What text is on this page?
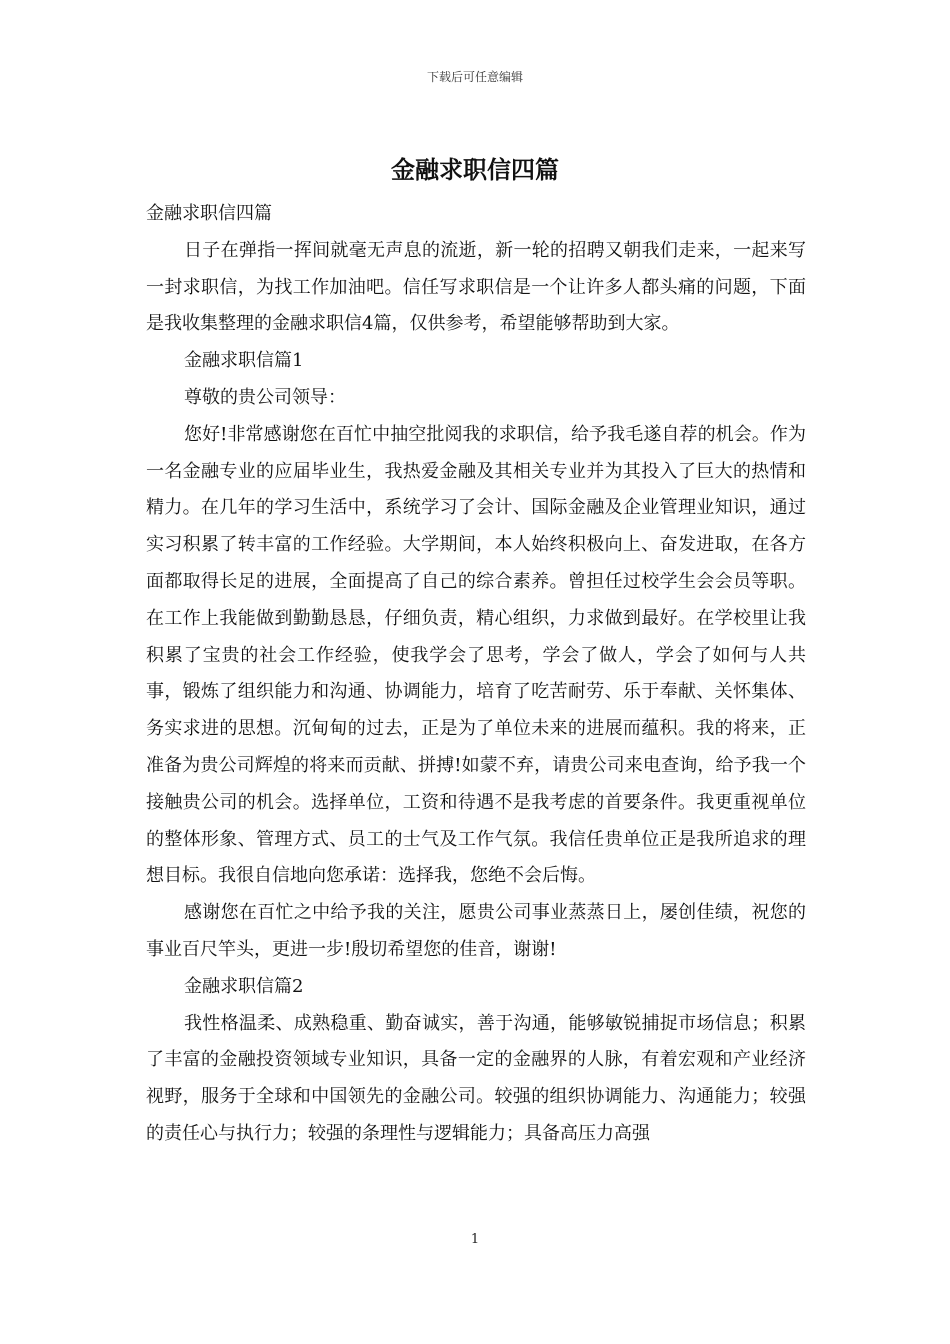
下载后可任意编辑
金融求职信四篇

金融求职信四篇

日子在弹指一挥间就毫无声息的流逝，新一轮的招聘又朝我们走来，一起来写一封求职信，为找工作加油吧。信任写求职信是一个让许多人都头痛的问题，下面是我收集整理的金融求职信4篇，仅供参考，希望能够帮助到大家。

金融求职信篇1

尊敬的贵公司领导：

您好!非常感谢您在百忙中抽空批阅我的求职信，给予我毛遂自荐的机会。作为一名金融专业的应届毕业生，我热爱金融及其相关专业并为其投入了巨大的热情和精力。在几年的学习生活中，系统学习了会计、国际金融及企业管理业知识，通过实习积累了转丰富的工作经验。大学期间，本人始终积极向上、奋发进取，在各方面都取得长足的进展，全面提高了自己的综合素养。曾担任过校学生会会员等职。在工作上我能做到勤勤恳恳，仔细负责，精心组织，力求做到最好。在学校里让我积累了宝贵的社会工作经验，使我学会了思考，学会了做人，学会了如何与人共事，锻炼了组织能力和沟通、协调能力，培育了吃苦耐劳、乐于奉献、关怀集体、务实求进的思想。沉甸甸的过去，正是为了单位未来的进展而蕴积。我的将来，正准备为贵公司辉煌的将来而贡献、拼搏!如蒙不弃，请贵公司来电查询，给予我一个接触贵公司的机会。选择单位，工资和待遇不是我考虑的首要条件。我更重视单位的整体形象、管理方式、员工的士气及工作气氛。我信任贵单位正是我所追求的理想目标。我很自信地向您承诺：选择我，您绝不会后悔。

感谢您在百忙之中给予我的关注，愿贵公司事业蒸蒸日上，屡创佳绩，祝您的事业百尺竿头，更进一步!殷切希望您的佳音，谢谢!

金融求职信篇2

我性格温柔、成熟稳重、勤奋诚实，善于沟通，能够敏锐捕捉市场信息；积累了丰富的金融投资领域专业知识，具备一定的金融界的人脉，有着宏观和产业经济视野，服务于全球和中国领先的金融公司。较强的组织协调能力、沟通能力；较强的责任心与执行力；较强的条理性与逻辑能力；具备高压力高强

1
